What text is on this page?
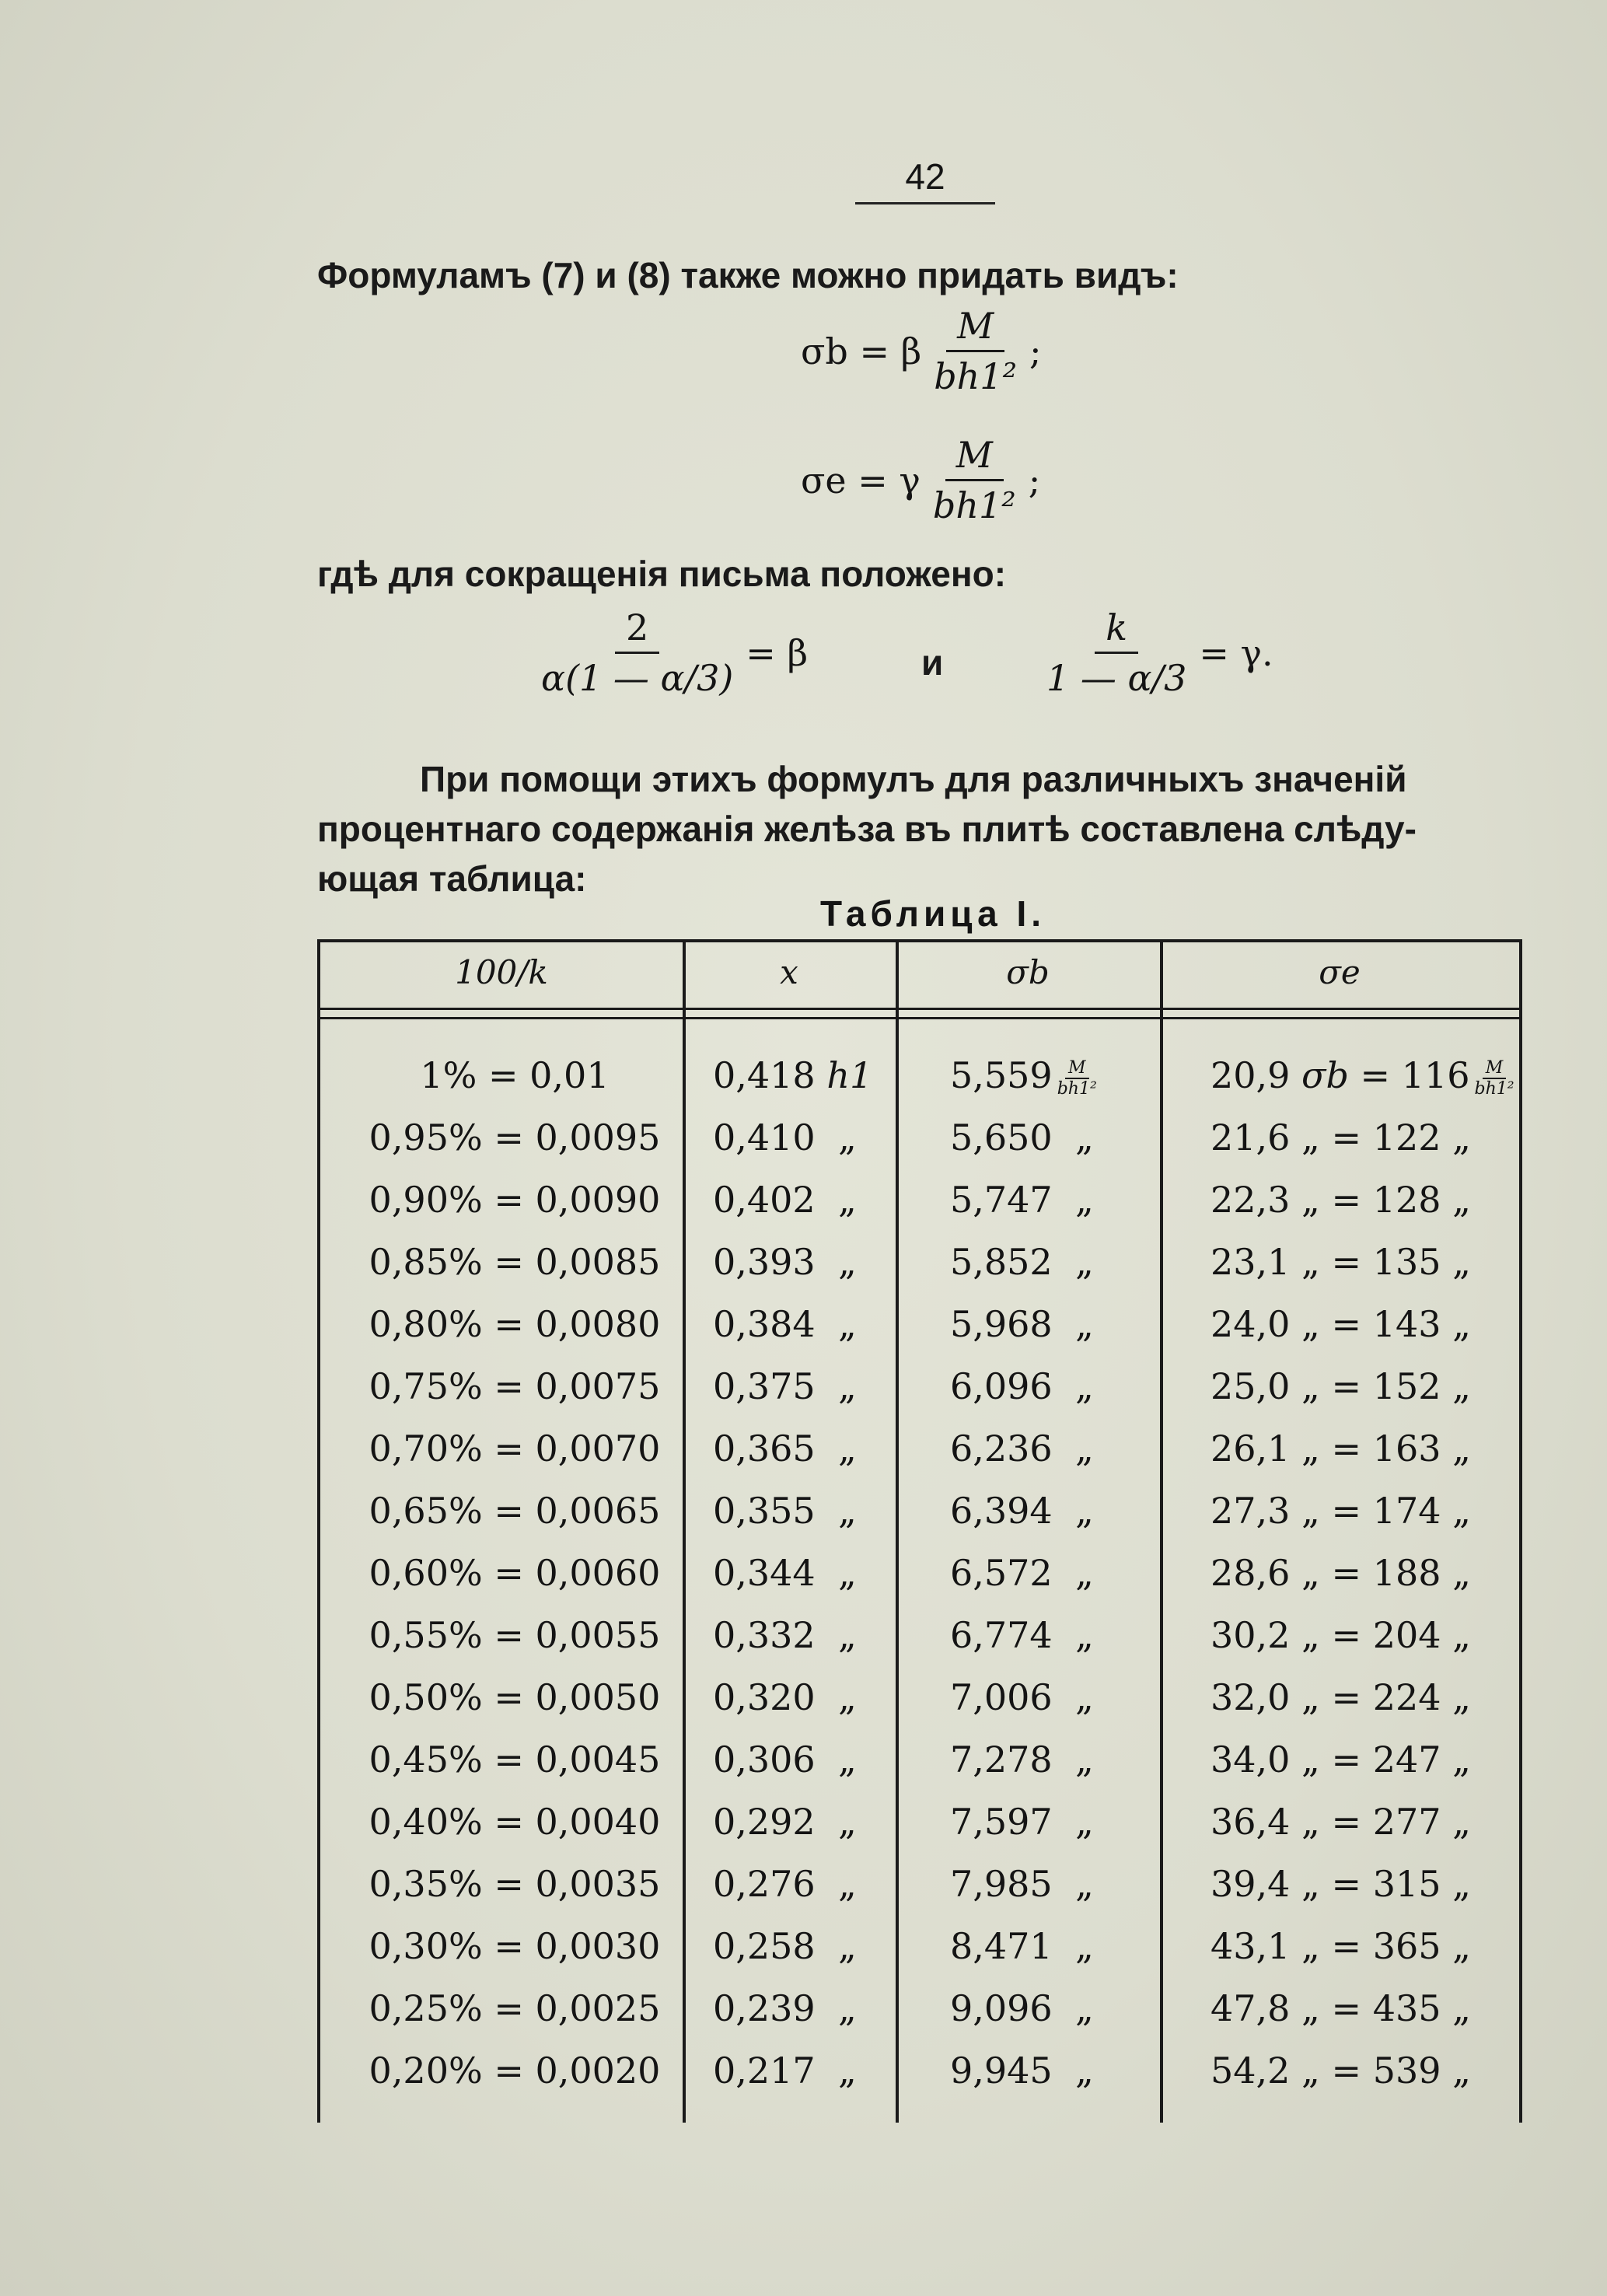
42
Формуламъ (7) и (8) также можно придать видъ:
σb = β $\frac{M}{\text{bh1²}}$ ;
σe = γ $\frac{M}{\text{bh1²}}$ ;
гдѣ для сокращенія письма положено:
$\frac{2}{\alpha(1 — \alpha/3)} = \beta$	и	$\frac{k}{1 — \alpha/3} = \gamma$.
При помощи этихъ формулъ для различныхъ значеній
процентнаго содержанія желѣза въ плитѣ составлена слѣду-
ющая таблица:
Таблица I.
100/k	x	σb	σe
1% = 0,01	0,418 h1	$5,559 \frac{M}{\text{bh1²}}$	20,9 $\sigma b = 116 \frac{M}{\text{bh1²}}$
0,95% = 0,0095	0,410 „	5,650 „	21,6 „ = 122 „
0,90% = 0,0090	0,402 „	5,747 „	22,3 „ = 128 „
0,85% = 0,0085	0,393 „	5,852 „	23,1 „ = 135 „
0,80% = 0,0080	0,384 „	5,968 „	24,0 „ = 143 „
0,75% = 0,0075	0,375 „	6,096 „	25,0 „ = 152 „
0,70% = 0,0070	0,365 „	6,236 „	26,1 „ = 163 „
0,65% = 0,0065	0,355 „	6,394 „	27,3 „ = 174 „
0,60% = 0,0060	0,344 „	6,572 „	28,6 „ = 188 „
0,55% = 0,0055	0,332 „	6,774 „	30,2 „ = 204 „
0,50% = 0,0050	0,320 „	7,006 „	32,0 „ = 224 „
0,45% = 0,0045	0,306 „	7,278 „	34,0 „ = 247 „
0,40% = 0,0040	0,292 „	7,597 „	36,4 „ = 277 „
0,35% = 0,0035	0,276 „	7,985 „	39,4 „ = 315 „
0,30% = 0,0030	0,258 „	8,471 „	43,1 „ = 365 „
0,25% = 0,0025	0,239 „	9,096 „	47,8 „ = 435 „
0,20% = 0,0020	0,217 „	9,945 „	54,2 „ = 539 „
